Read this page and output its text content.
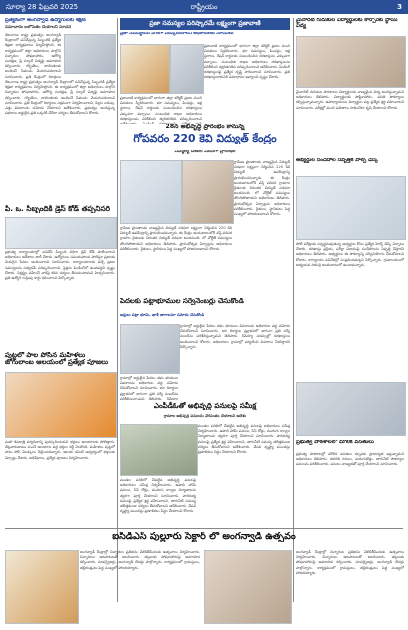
సూర్యా 28 ఫిబ్రవరి 2025	రాష్ట్రీయం	3
ప్రత్యేకంగా అంగన్వాడీ ఉద్యోగులకు శిక్షణ
సమాచారం బలోపేతం చేయాలని సూచన
తెలంగాణ రాష్ట్ర ప్రభుత్వం అంగన్వాడీ కేంద్రాలలో పనిచేస్తున్న సిబ్బందికి ప్రత్యేక శిక్షణా కార్యక్రమాలు నిర్వహిస్తోంది. ఈ కార్యక్రమంలో జిల్లా అధికారులు పాల్గొని చిన్నారుల పోషకాహారం, ఆరోగ్య సంరక్షణ, ప్రీ స్కూల్ విద్యపై అవగాహన కల్పించారు. గర్భిణీలు, బాలింతలకు అందించే సేవలను మెరుగుపరచాలని సూచించారు. ప్రతి కేంద్రంలో రికార్డులు
తెలంగాణ రాష్ట్ర ప్రభుత్వం అంగన్వాడీ కేంద్రాలలో పనిచేస్తున్న సిబ్బందికి ప్రత్యేక శిక్షణా కార్యక్రమాలు నిర్వహిస్తోంది. ఈ కార్యక్రమంలో జిల్లా అధికారులు పాల్గొని చిన్నారుల పోషకాహారం, ఆరోగ్య సంరక్షణ, ప్రీ స్కూల్ విద్యపై అవగాహన కల్పించారు. గర్భిణీలు, బాలింతలకు అందించే సేవలను మెరుగుపరచాలని సూచించారు. ప్రతి కేంద్రంలో రికార్డులు సక్రమంగా నిర్వహించాలని, పిల్లల బరువు, ఎత్తు వివరాలను నమోదు చేయాలని ఆదేశించారు. ప్రభుత్వం అందిస్తున్న పథకాలు అర్హులైన ప్రతి ఒక్కరికీ చేరేలా చర్యలు తీసుకోవాలని కోరారు.
పి. ఒ. సిబ్బందికి డ్రెస్ కోడ్ తప్పనిసరి
ప్రభుత్వ కార్యాలయాల్లో పనిచేసే సిబ్బంది విధిగా డ్రెస్ కోడ్ పాటించాలని అధికారులు ఆదేశాలు జారీ చేశారు. ఉద్యోగులు సమయపాలన పాటిస్తూ ప్రజలకు మెరుగైన సేవలు అందించాలని సూచించారు. కార్యాలయాలకు వచ్చే ప్రజల సమస్యలను సత్వరమే పరిష్కరించాలని, ఫైళ్లను పెండింగ్‌లో ఉంచవద్దని స్పష్టం చేశారు. నిర్లక్ష్యం వహించే వారిపై కఠిన చర్యలు తీసుకుంటామని హెచ్చరించారు. ప్రతి ఉద్యోగి గుర్తింపు కార్డు ధరించాలని పేర్కొన్నారు.
పుట్టలో పాల పోసిన మహిళలు జోగులాంబ ఆలయంలో ప్రత్యేక పూజలు
మహా శివరాత్రి పర్వదినాన్ని పురస్కరించుకుని భక్తులు ఆలయాలకు పోటెత్తారు. తెల్లవారుజాము నుంచే ఆలయాల వద్ద భక్తుల రద్దీ నెలకొంది. మహిళలు పుట్టలో పాలు పోసి మొక్కులు చెల్లించుకున్నారు. ఆలయ కమిటీ ఆధ్వర్యంలో భక్తులకు ఏర్పాట్లు చేశారు. అభిషేకాలు, ప్రత్యేక పూజలు నిర్వహించారు.
ప్రజా సమస్యల పరిష్కారమే లక్ష్యంగా ప్రజావాణి
ప్రజా సమస్యలను వేగంగా పరిష్కరించాలని అధికారులకు సూచనలు
ప్రజావాణి కార్యక్రమంలో భాగంగా జిల్లా కలెక్టర్ ప్రజల నుంచి వినతులు స్వీకరించారు. భూ సమస్యలు, పింఛన్లు, ఇళ్ల స్థలాలు, రేషన్ కార్డులకు సంబంధించిన దరఖాస్తులు ఎక్కువగా వచ్చాయి. సంబంధిత శాఖల అధికారులు దరఖాస్తులను పరిశీలించి త్వరితగతిన పరిష్కరించాలని ఆదేశించారు. పెండింగ్ దరఖాస్తులపై ప్రత్యేక దృష్టి సారించాలని సూచించారు. ప్రతి దరఖాస్తుదారునికి సమాధానం ఇవ్వాలని స్పష్టం చేశారు.
ప్రజావాణి కార్యక్రమంలో భాగంగా జిల్లా కలెక్టర్ ప్రజల నుంచి వినతులు స్వీకరించారు. భూ సమస్యలు, పింఛన్లు, ఇళ్ల స్థలాలు, రేషన్ కార్డులకు సంబంధించిన దరఖాస్తులు ఎక్కువగా వచ్చాయి. సంబంధిత శాఖల అధికారులు దరఖాస్తులను పరిశీలించి త్వరితగతిన పరిష్కరించాలని
28న అభివృద్ధి ప్రారంభం కానున్న
గోపవరం 220 కెవి విద్యుత్ కేంద్రం
ఎమ్మెల్యే చేతుల మీదుగా ప్రారంభం
గ్రామీణ ప్రాంతాలకు నాణ్యమైన విద్యుత్ సరఫరా లక్ష్యంగా నిర్మించిన 220 కెవి విద్యుత్ ఉపకేంద్రాన్ని ప్రారంభించనున్నారు. ఈ కేంద్రం అందుబాటులోకి వస్తే పరిసర గ్రామాల రైతులకు నిరంతర విద్యుత్ సరఫరా అందనుంది. లో వోల్టేజ్ సమస్యలు తొలగిపోతాయని అధికారులు తెలిపారు. ప్రారంభోత్సవ ఏర్పాట్లను అధికారులు పరిశీలించారు. రైతులు, స్థానికులు పెద్ద సంఖ్యలో హాజరుకావాలని కోరారు.
గ్రామీణ ప్రాంతాలకు నాణ్యమైన విద్యుత్ సరఫరా లక్ష్యంగా నిర్మించిన 220 కెవి విద్యుత్ ఉపకేంద్రాన్ని ప్రారంభించనున్నారు. ఈ కేంద్రం అందుబాటులోకి వస్తే పరిసర గ్రామాల రైతులకు నిరంతర విద్యుత్ సరఫరా అందనుంది. లో వోల్టేజ్ సమస్యలు తొలగిపోతాయని అధికారులు తెలిపారు. ప్రారంభోత్సవ ఏర్పాట్లను అధికారులు పరిశీలించారు. రైతులు, స్థానికులు పెద్ద సంఖ్యలో హాజరుకావాలని కోరారు.
పేదలకు పట్టాభూముల సర్వేనెంబర్లు చేసుకోండి
అర్హులు పట్టా భూమి, ఖాళీ జాగాలనూ నమోదు చేసుకోండి
గ్రామాల్లో అర్హులైన పేదలు తమ భూముల వివరాలను అధికారుల వద్ద నమోదు చేసుకోవాలని సూచించారు. భూ రికార్డుల ప్రక్షాళనలో భాగంగా ప్రతి సర్వే నంబర్‌ను పరిశీలిస్తున్నామని తెలిపారు. రెవెన్యూ సదస్సుల్లో దరఖాస్తులు అందించాలని కోరారు. అధికారులు గ్రామాల్లో పర్యటించి వివరాలు సేకరిస్తారని పేర్కొన్నారు.
గ్రామాల్లో అర్హులైన పేదలు తమ భూముల వివరాలను అధికారుల వద్ద నమోదు చేసుకోవాలని సూచించారు. భూ రికార్డుల ప్రక్షాళనలో భాగంగా ప్రతి సర్వే నంబర్‌ను పరిశీలిస్తున్నామని తెలిపారు. రెవెన్యూ
ఎంపీడీఓతో అభివృద్ధి పనులపై సమీక్ష
గ్రామాల అభివృద్ధి పనులను వేగవంతం చేయాలని ఆదేశం
మండల పరిధిలో చేపట్టిన అభివృద్ధి పనులపై అధికారులు సమీక్ష నిర్వహించారు. ఉపాధి హామీ పనులు, సీసీ రోడ్లు, మురుగు కాల్వల నిర్మాణాలను త్వరగా పూర్తి చేయాలని సూచించారు. పారిశుధ్య పనులపై ప్రత్యేక శ్రద్ధ వహించాలని, తాగునీటి సమస్య తలెత్తకుండా చర్యలు తీసుకోవాలని ఆదేశించారు. వేసవి దృష్ట్యా ముందస్తు ప్రణాళికలు సిద్ధం చేయాలని కోరారు.
మండల పరిధిలో చేపట్టిన అభివృద్ధి పనులపై అధికారులు సమీక్ష నిర్వహించారు. ఉపాధి హామీ పనులు, సీసీ రోడ్లు, మురుగు కాల్వల నిర్మాణాలను త్వరగా పూర్తి చేయాలని సూచించారు. పారిశుధ్య పనులపై ప్రత్యేక శ్రద్ధ వహించాలని, తాగునీటి సమస్య తలెత్తకుండా చర్యలు తీసుకోవాలని ఆదేశించారు. వేసవి దృష్ట్యా ముందస్తు ప్రణాళికలు సిద్ధం చేయాలని కోరారు.
మైనారిటీ గురుకుల విద్యార్థులకు కార్పొరేట్ స్థాయి విద్య
మైనారిటీ గురుకుల పాఠశాలల విద్యార్థులకు నాణ్యమైన విద్య అందిస్తున్నామని అధికారులు తెలిపారు. విద్యార్థులకు పౌష్టికాహారం, వసతి సౌకర్యాలు కల్పిస్తున్నామన్నారు. ఉపాధ్యాయులు విద్యార్థుల పట్ల ప్రత్యేక శ్రద్ధ వహించాలని సూచించారు. పరీక్షల్లో మంచి ఫలితాలు సాధించేలా కృషి చేయాలని కోరారు.
అభ్యర్థుల సందేహాల నివృత్తికి హెల్ప్ డెస్క్
పోటీ పరీక్షలకు సన్నద్ధమవుతున్న అభ్యర్థుల కోసం ప్రత్యేక హెల్ప్ డెస్క్ ఏర్పాటు చేశారు. దరఖాస్తు ప్రక్రియ, పరీక్షా విధానంపై సందేహాలను నివృత్తి చేస్తారని అధికారులు తెలిపారు. అభ్యర్థులు ఈ సౌకర్యాన్ని సద్వినియోగం చేసుకోవాలని కోరారు. కార్యాలయ పనివేళల్లో సంప్రదించవచ్చని పేర్కొన్నారు. గ్రంథాలయంలో అధ్యయన సామగ్రి అందుబాటులో ఉంచామన్నారు.
ప్రభుత్వ పాఠశాలలో మౌలిక వసతులు
ప్రభుత్వ పాఠశాలల్లో మౌలిక వసతుల కల్పనకు ప్రాధాన్యత ఇస్తున్నామని అధికారులు తెలిపారు. తరగతి గదులు, మరుగుదొడ్లు, తాగునీటి సౌకర్యాల పనులను పరిశీలించారు. పనులు నాణ్యతతో పూర్తి చేయాలని సూచించారు.
ఐసిడిఎస్ పుల్లూరు సెక్టార్ లో అంగన్వాడీ ఉత్సవం
అంగన్వాడీ కేంద్రాల్లో చిన్నారుల ప్రతిభను వెలికితీసేందుకు ఉత్సవాలు నిర్వహించారు. చిన్నారులు ఆటపాటలతో అలరించారు. తల్లులకు పోషకాహారంపై అవగాహన కల్పించారు. సూపర్వైజర్లు, అంగన్వాడీ టీచర్లు పాల్గొన్నారు. కార్యక్రమంలో గ్రామస్తులు, తల్లిదండ్రులు పెద్ద సంఖ్యలో హాజరయ్యారు.
అంగన్వాడీ కేంద్రాల్లో చిన్నారుల ప్రతిభను వెలికితీసేందుకు ఉత్సవాలు నిర్వహించారు. చిన్నారులు ఆటపాటలతో అలరించారు. తల్లులకు పోషకాహారంపై అవగాహన కల్పించారు. సూపర్వైజర్లు, అంగన్వాడీ టీచర్లు పాల్గొన్నారు. కార్యక్రమంలో గ్రామస్తులు, తల్లిదండ్రులు పెద్ద సంఖ్యలో హాజరయ్యారు.
